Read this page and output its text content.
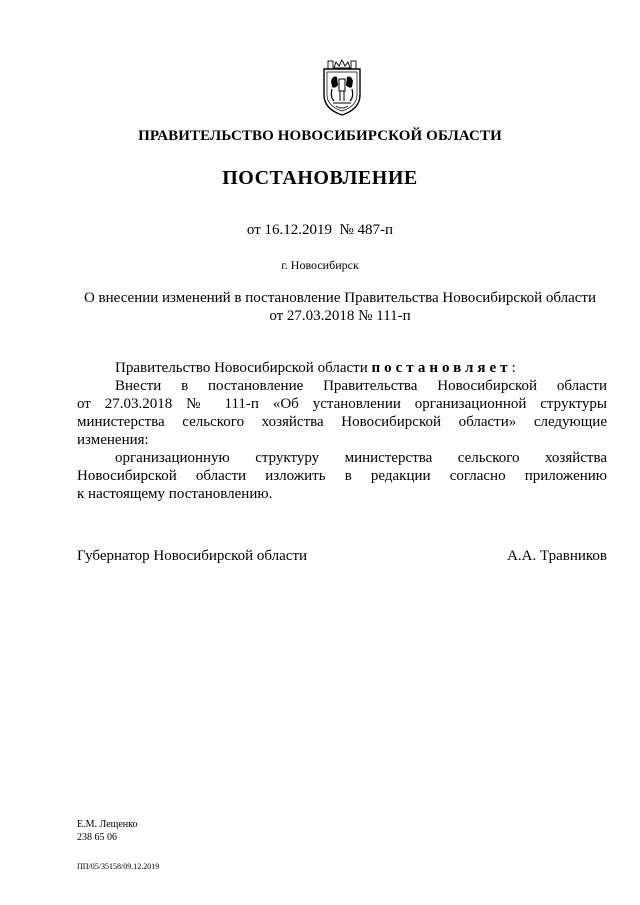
ПРАВИТЕЛЬСТВО НОВОСИБИРСКОЙ ОБЛАСТИ
ПОСТАНОВЛЕНИЕ
от 16.12.2019  № 487-п
г. Новосибирск
О внесении изменений в постановление Правительства Новосибирской области
от 27.03.2018 № 111-п

Правительство Новосибирской области постановляет:

Внести в постановление Правительства Новосибирской области

от 27.03.2018 № 111-п «Об установлении организационной структуры

министерства сельского хозяйства Новосибирской области» следующие

изменения:

организационную структуру министерства сельского хозяйства

Новосибирской области изложить в редакции согласно приложению

к настоящему постановлению.

Губернатор Новосибирской области	А.А. Травников
Е.М. Лещенко
238 65 06
ПП/05/35158/09.12.2019
